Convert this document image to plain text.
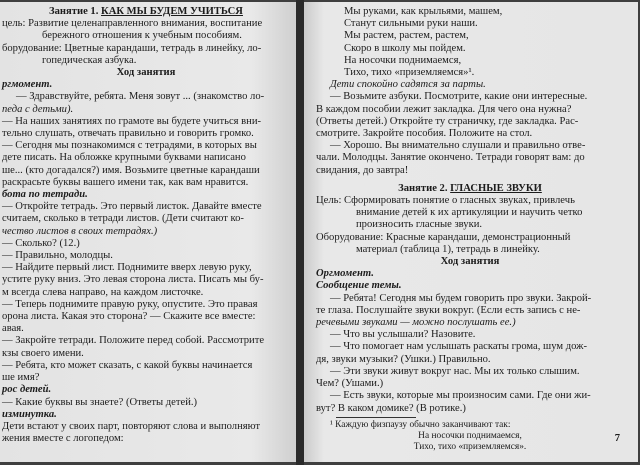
Занятие 1. КАК МЫ БУДЕМ УЧИТЬСЯ
цель: Развитие целенаправленного внимания, воспитание
бережного отношения к учебным пособиям.
борудование: Цветные карандаши, тетрадь в линейку, ло-
гопедическая азбука.
Ход занятия
ргмомент.
— Здравствуйте, ребята. Меня зовут ... (знакомство ло-
педа с детьми).
— На наших занятиях по грамоте вы будете учиться вни-
тельно слушать, отвечать правильно и говорить громко.
— Сегодня мы познакомимся с тетрадями, в которых вы
дете писать. На обложке крупными буквами написано
ше... (кто догадался?) имя. Возьмите цветные карандаши
раскрасьте буквы вашего имени так, как вам нравится.
бота по тетради.
— Откройте тетрадь. Это первый листок. Давайте вместе
считаем, сколько в тетради листов. (Дети считают ко-
чество листов в своих тетрадях.)
— Сколько? (12.)
— Правильно, молодцы.
— Найдите первый лист. Поднимите вверх левую руку,
устите руку вниз. Это левая сторона листа. Писать мы бу-
м всегда слева направо, на каждом листочке.
— Теперь поднимите правую руку, опустите. Это правая
орона листа. Какая это сторона? — Скажите все вместе:
авая.
— Закройте тетради. Положите перед собой. Рассмотрите
кзы своего имени.
— Ребята, кто может сказать, с какой буквы начинается
ше имя?
рос детей.
— Какие буквы вы знаете? (Ответы детей.)
изминутка.
Дети встают у своих парт, повторяют слова и выполняют
жения вместе с логопедом:
Мы руками, как крыльями, машем,
Станут сильными руки наши.
Мы растем, растем, растем,
Скоро в школу мы пойдем.
На носочки поднимаемся,
Тихо, тихо «приземляемся»¹.
Дети спокойно садятся за парты.
— Возьмите азбуки. Посмотрите, какие они интересные.
В каждом пособии лежит закладка. Для чего она нужна?
(Ответы детей.) Откройте ту страничку, где закладка. Рас-
смотрите. Закройте пособия. Положите на стол.
— Хорошо. Вы внимательно слушали и правильно отве-
чали. Молодцы. Занятие окончено. Тетради говорят вам: до
свидания, до завтра!
Занятие 2. ГЛАСНЫЕ ЗВУКИ
Цель: Сформировать понятие о гласных звуках, привлечь
внимание детей к их артикуляции и научить четко
произносить гласные звуки.
Оборудование: Красные карандаши, демонстрационный
материал (таблица 1), тетрадь в линейку.
Ход занятия
Оргмомент.
Сообщение темы.
— Ребята! Сегодня мы будем говорить про звуки. Закрой-
те глаза. Послушайте звуки вокруг. (Если есть запись с не-
речевыми звуками — можно послушать ее.)
— Что вы услышали? Назовите.
— Что помогает нам услышать раскаты грома, шум дож-
дя, звуки музыки? (Ушки.) Правильно.
— Эти звуки живут вокруг нас. Мы их только слышим.
Чем? (Ушами.)
— Есть звуки, которые мы произносим сами. Где они жи-
вут? В каком домике? (В ротике.)
¹ Каждую физпаузу обычно заканчивают так:
На носочки поднимаемся,
Тихо, тихо «приземляемся».
7
